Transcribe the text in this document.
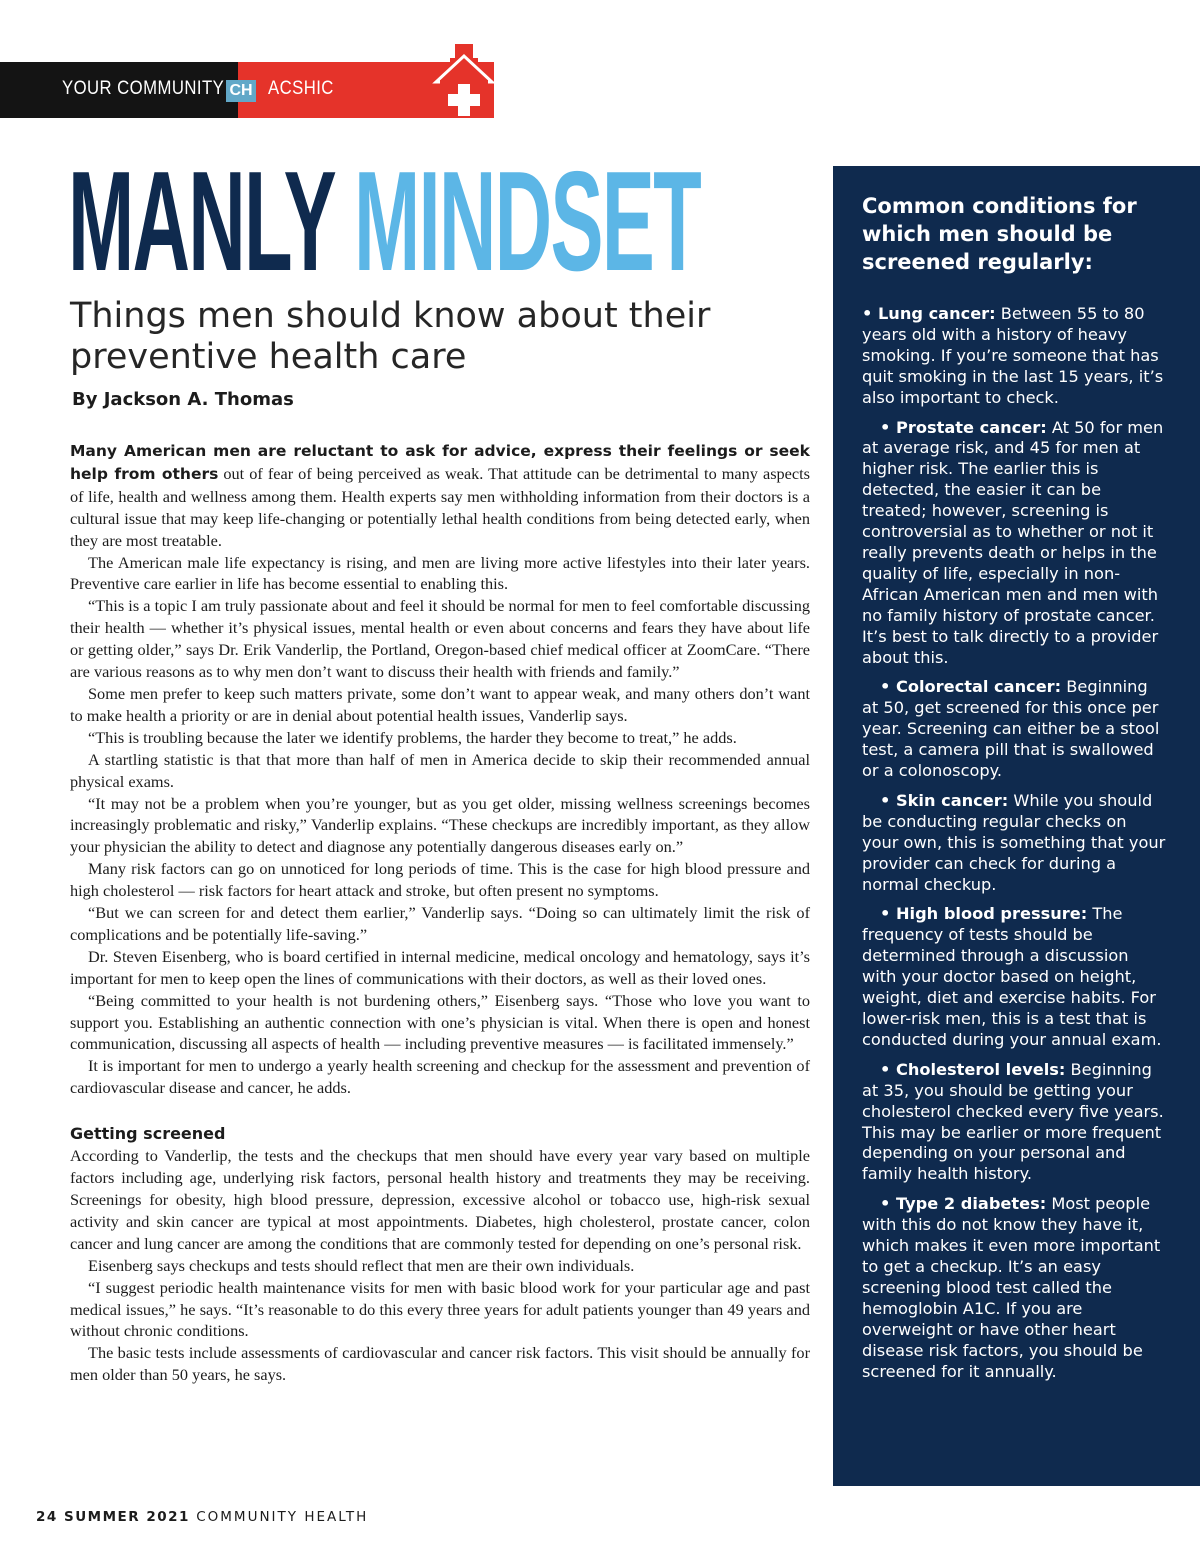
YOUR COMMUNITY CH ACSHIC
MANLY MINDSET
Things men should know about their preventive health care
By Jackson A. Thomas

Many American men are reluctant to ask for advice, express their feelings or seek help from others out of fear of being perceived as weak. That attitude can be detrimental to many aspects of life, health and wellness among them. Health experts say men withholding information from their doctors is a cultural issue that may keep life-changing or potentially lethal health conditions from being detected early, when they are most treatable.

The American male life expectancy is rising, and men are living more active lifestyles into their later years. Preventive care earlier in life has become essential to enabling this.

“This is a topic I am truly passionate about and feel it should be normal for men to feel comfortable discussing their health — whether it’s physical issues, mental health or even about concerns and fears they have about life or getting older,” says Dr. Erik Vanderlip, the Portland, Oregon-based chief medical officer at ZoomCare. “There are various reasons as to why men don’t want to discuss their health with friends and family.”

Some men prefer to keep such matters private, some don’t want to appear weak, and many others don’t want to make health a priority or are in denial about potential health issues, Vanderlip says.

“This is troubling because the later we identify problems, the harder they become to treat,” he adds.

A startling statistic is that that more than half of men in America decide to skip their recommended annual physical exams.

“It may not be a problem when you’re younger, but as you get older, missing wellness screenings becomes increasingly problematic and risky,” Vanderlip explains. “These checkups are incredibly important, as they allow your physician the ability to detect and diagnose any potentially dangerous diseases early on.”

Many risk factors can go on unnoticed for long periods of time. This is the case for high blood pressure and high cholesterol — risk factors for heart attack and stroke, but often present no symptoms.

“But we can screen for and detect them earlier,” Vanderlip says. “Doing so can ultimately limit the risk of complications and be potentially life-saving.”

Dr. Steven Eisenberg, who is board certified in internal medicine, medical oncology and hematology, says it’s important for men to keep open the lines of communications with their doctors, as well as their loved ones.

“Being committed to your health is not burdening others,” Eisenberg says. “Those who love you want to support you. Establishing an authentic connection with one’s physician is vital. When there is open and honest communication, discussing all aspects of health — including preventive measures — is facilitated immensely.”

It is important for men to undergo a yearly health screening and checkup for the assessment and prevention of cardiovascular disease and cancer, he adds.

Getting screened

According to Vanderlip, the tests and the checkups that men should have every year vary based on multiple factors including age, underlying risk factors, personal health history and treatments they may be receiving. Screenings for obesity, high blood pressure, depression, excessive alcohol or tobacco use, high-risk sexual activity and skin cancer are typical at most appointments. Diabetes, high cholesterol, prostate cancer, colon cancer and lung cancer are among the conditions that are commonly tested for depending on one’s personal risk.

Eisenberg says checkups and tests should reflect that men are their own individuals.

“I suggest periodic health maintenance visits for men with basic blood work for your particular age and past medical issues,” he says. “It’s reasonable to do this every three years for adult patients younger than 49 years and without chronic conditions.

The basic tests include assessments of cardiovascular and cancer risk factors. This visit should be annually for men older than 50 years, he says.

Common conditions for which men should be screened regularly:
• Lung cancer: Between 55 to 80 years old with a history of heavy smoking. If you’re someone that has quit smoking in the last 15 years, it’s also important to check.
• Prostate cancer: At 50 for men at average risk, and 45 for men at higher risk. The earlier this is detected, the easier it can be treated; however, screening is controversial as to whether or not it really prevents death or helps in the quality of life, especially in non-African American men and men with no family history of prostate cancer. It’s best to talk directly to a provider about this.
• Colorectal cancer: Beginning at 50, get screened for this once per year. Screening can either be a stool test, a camera pill that is swallowed or a colonoscopy.
• Skin cancer: While you should be conducting regular checks on your own, this is something that your provider can check for during a normal checkup.
• High blood pressure: The frequency of tests should be determined through a discussion with your doctor based on height, weight, diet and exercise habits. For lower-risk men, this is a test that is conducted during your annual exam.
• Cholesterol levels: Beginning at 35, you should be getting your cholesterol checked every five years. This may be earlier or more frequent depending on your personal and family health history.
• Type 2 diabetes: Most people with this do not know they have it, which makes it even more important to get a checkup. It’s an easy screening blood test called the hemoglobin A1C. If you are overweight or have other heart disease risk factors, you should be screened for it annually.
24 SUMMER 2021 COMMUNITY HEALTH
